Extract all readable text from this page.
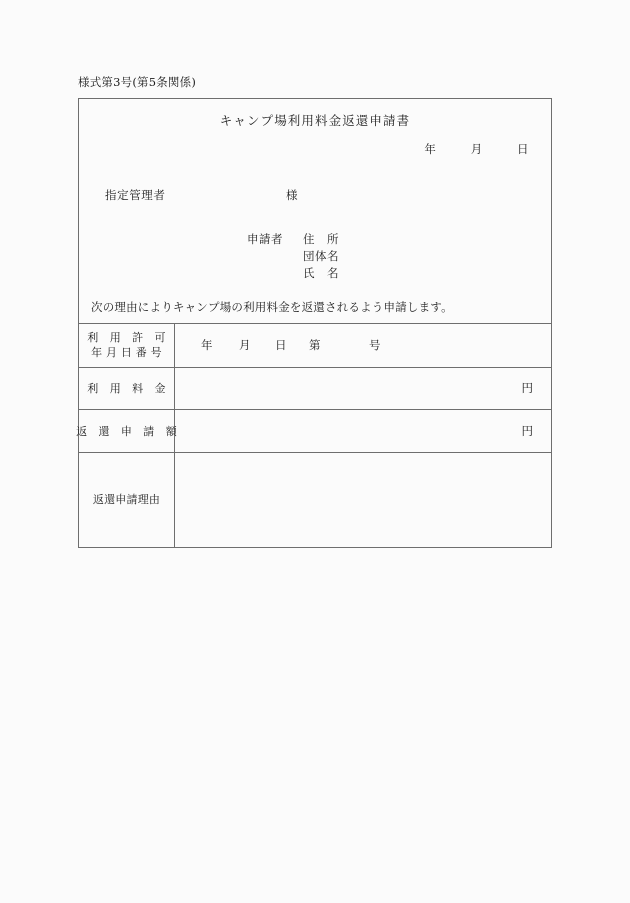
様式第3号(第5条関係)
キャンプ場利用料金返還申請書
年	月	日
指定管理者	様
申請者	住　所
団体名
氏　名
次の理由によりキャンプ場の利用料金を返還されるよう申請します。
利　用　許　可
年 月 日 番 号
年 月 日 第	号
利　用　料　金	円
返　還　申　請　額	円
返還申請理由
